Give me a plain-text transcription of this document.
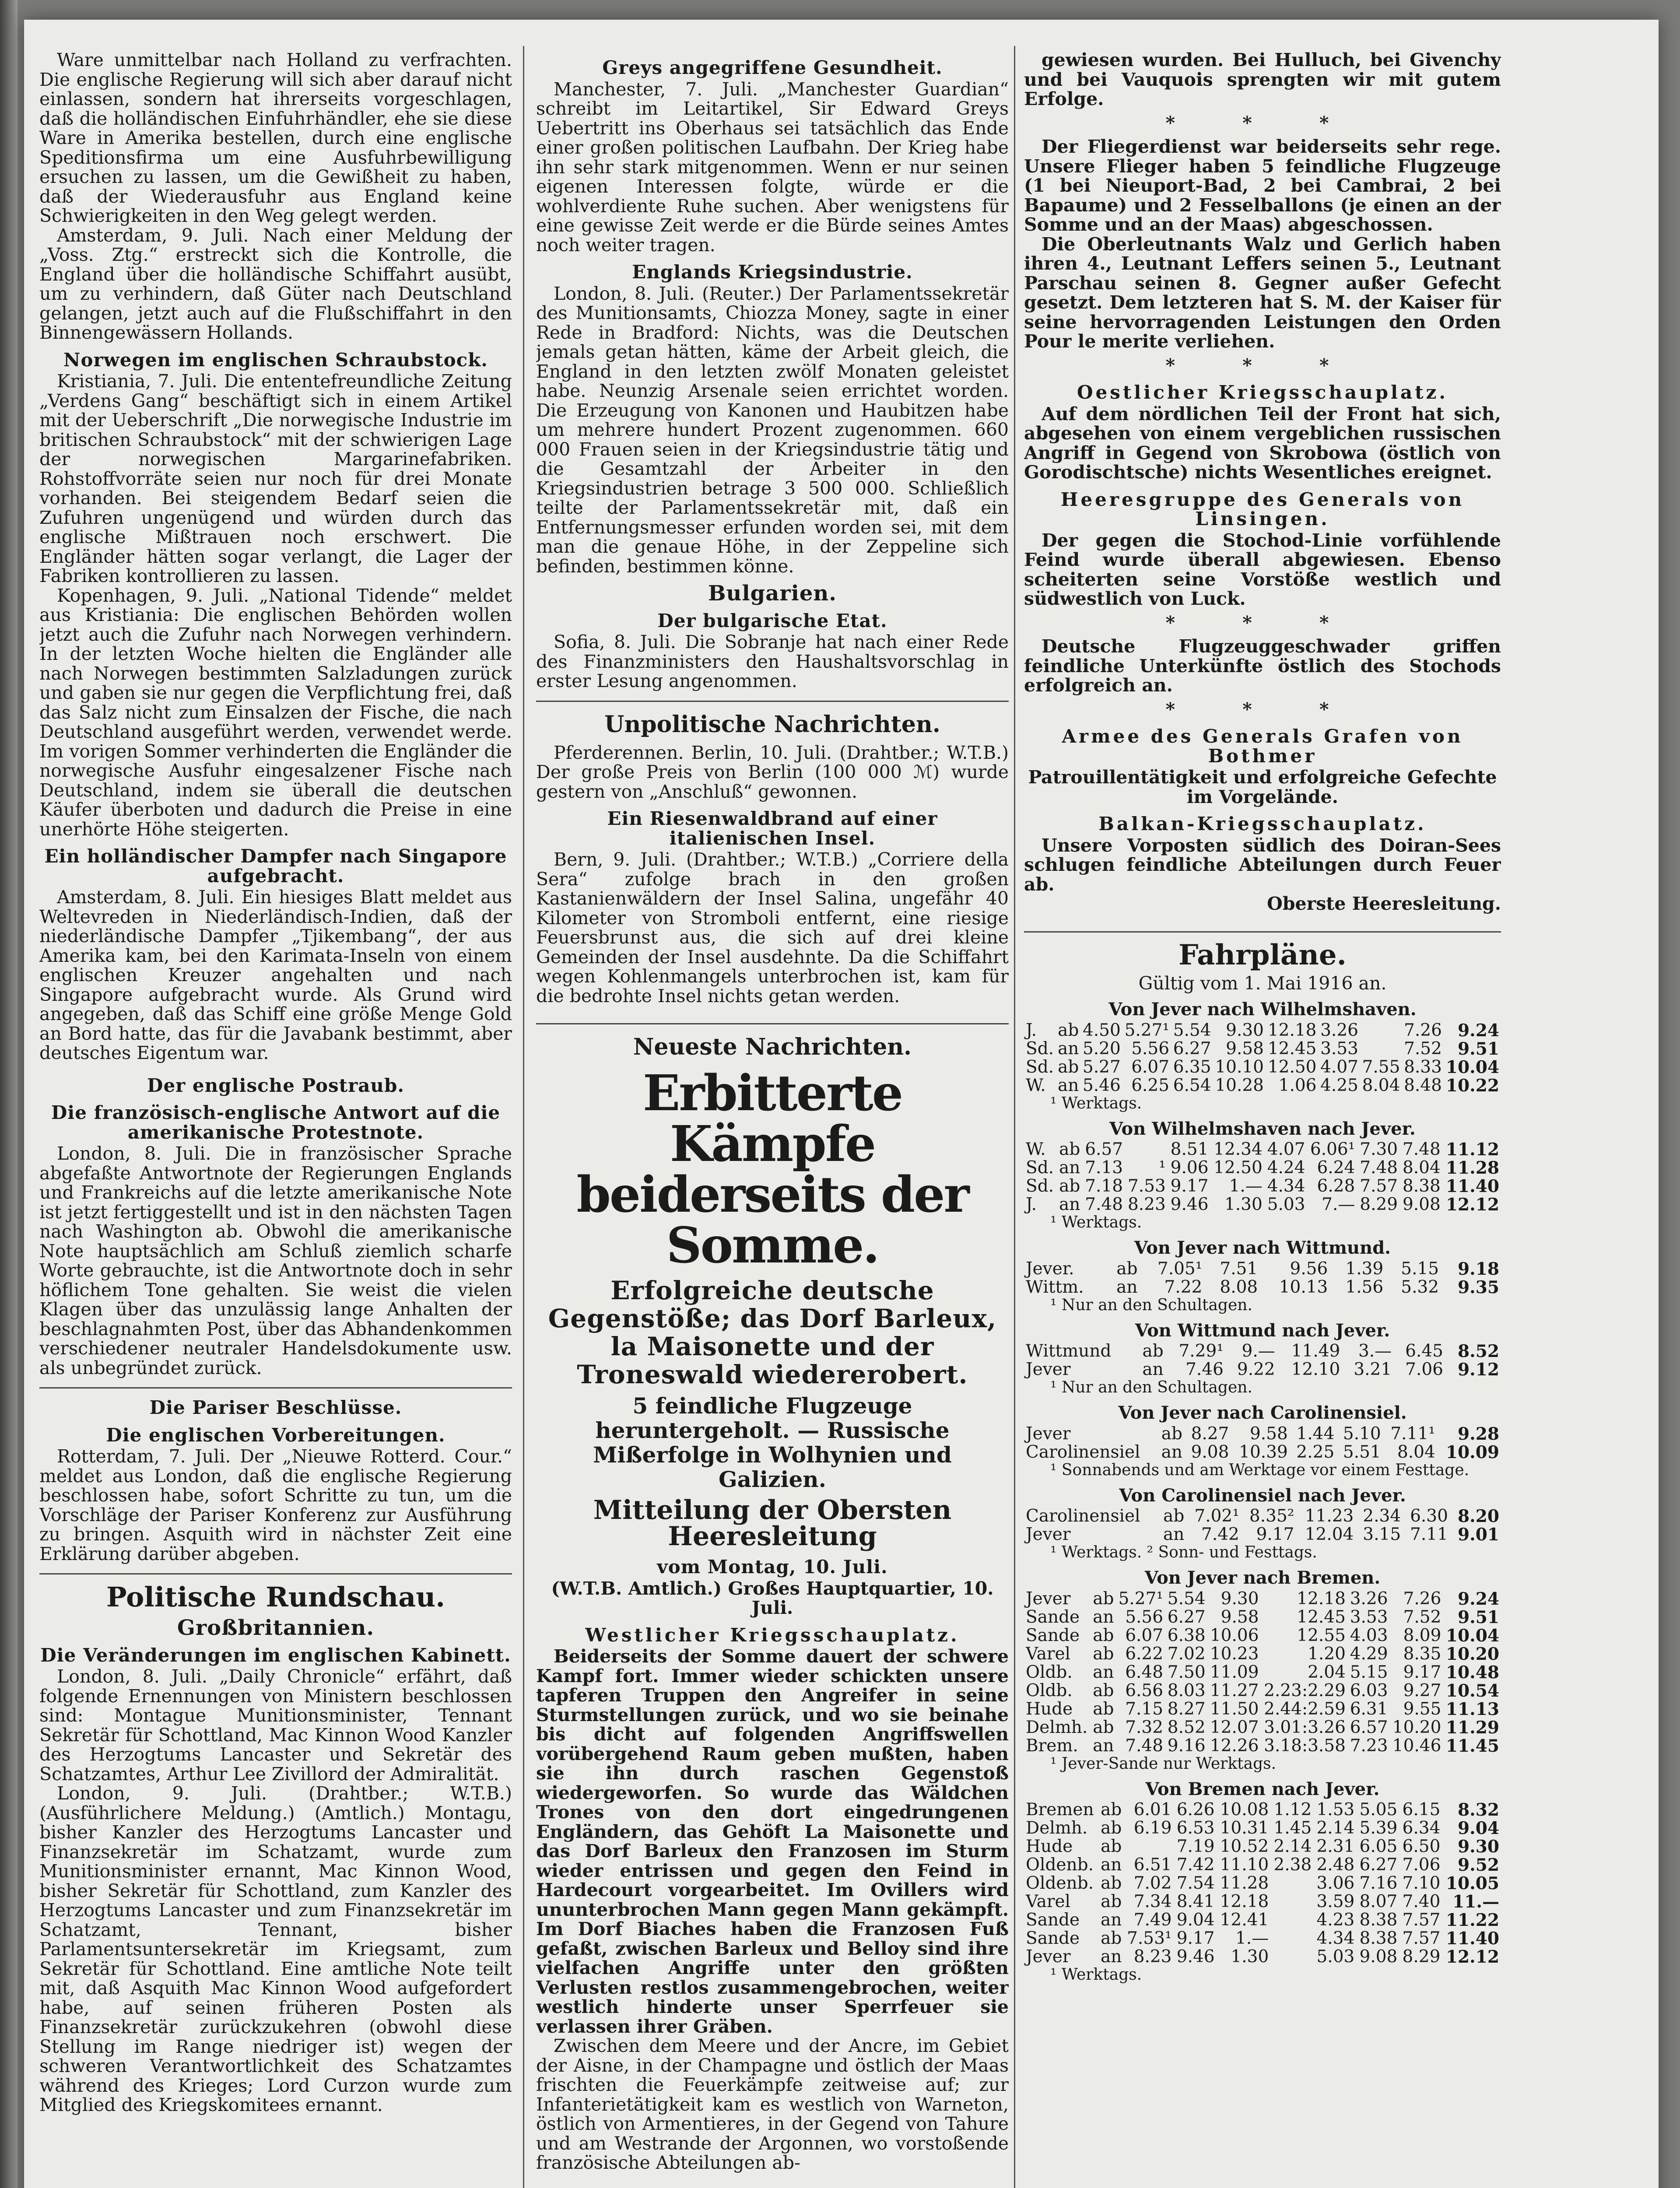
Ware unmittelbar nach Holland zu verfrachten. Die englische Regierung will sich aber darauf nicht einlassen, sondern hat ihrerseits vorgeschlagen, daß die holländischen Einfuhrhändler, ehe sie diese Ware in Amerika bestellen, durch eine englische Speditionsfirma um eine Ausfuhrbewilligung ersuchen zu lassen, um die Gewißheit zu haben, daß der Wiederausfuhr aus England keine Schwierigkeiten in den Weg gelegt werden.

Amsterdam, 9. Juli. Nach einer Meldung der „Voss. Ztg.“ erstreckt sich die Kontrolle, die England über die holländische Schiffahrt ausübt, um zu verhindern, daß Güter nach Deutschland gelangen, jetzt auch auf die Flußschiffahrt in den Binnengewässern Hollands.

Norwegen im englischen Schraubstock.

Kristiania, 7. Juli. Die ententefreundliche Zeitung „Verdens Gang“ beschäftigt sich in einem Artikel mit der Ueberschrift „Die norwegische Industrie im britischen Schraubstock“ mit der schwierigen Lage der norwegischen Margarinefabriken. Rohstoffvorräte seien nur noch für drei Monate vorhanden. Bei steigendem Bedarf seien die Zufuhren ungenügend und würden durch das englische Mißtrauen noch erschwert. Die Engländer hätten sogar verlangt, die Lager der Fabriken kontrollieren zu lassen.

Kopenhagen, 9. Juli. „National Tidende“ meldet aus Kristiania: Die englischen Behörden wollen jetzt auch die Zufuhr nach Norwegen verhindern. In der letzten Woche hielten die Engländer alle nach Norwegen bestimmten Salzladungen zurück und gaben sie nur gegen die Verpflichtung frei, daß das Salz nicht zum Einsalzen der Fische, die nach Deutschland ausgeführt werden, verwendet werde. Im vorigen Sommer verhinderten die Engländer die norwegische Ausfuhr eingesalzener Fische nach Deutschland, indem sie überall die deutschen Käufer überboten und dadurch die Preise in eine unerhörte Höhe steigerten.

Ein holländischer Dampfer nach Singapore aufgebracht.

Amsterdam, 8. Juli. Ein hiesiges Blatt meldet aus Weltevreden in Niederländisch-Indien, daß der niederländische Dampfer „Tjikembang“, der aus Amerika kam, bei den Karimata-Inseln von einem englischen Kreuzer angehalten und nach Singapore aufgebracht wurde. Als Grund wird angegeben, daß das Schiff eine größe Menge Gold an Bord hatte, das für die Javabank bestimmt, aber deutsches Eigentum war.

Der englische Postraub.
Die französisch-englische Antwort auf die amerikanische Protestnote.

London, 8. Juli. Die in französischer Sprache abgefaßte Antwortnote der Regierungen Englands und Frankreichs auf die letzte amerikanische Note ist jetzt fertiggestellt und ist in den nächsten Tagen nach Washington ab. Obwohl die amerikanische Note hauptsächlich am Schluß ziemlich scharfe Worte gebrauchte, ist die Antwortnote doch in sehr höflichem Tone gehalten. Sie weist die vielen Klagen über das unzulässig lange Anhalten der beschlagnahmten Post, über das Abhandenkommen verschiedener neutraler Handelsdokumente usw. als unbegründet zurück.

Die Pariser Beschlüsse.
Die englischen Vorbereitungen.

Rotterdam, 7. Juli. Der „Nieuwe Rotterd. Cour.“ meldet aus London, daß die englische Regierung beschlossen habe, sofort Schritte zu tun, um die Vorschläge der Pariser Konferenz zur Ausführung zu bringen. Asquith wird in nächster Zeit eine Erklärung darüber abgeben.

Politische Rundschau.
Großbritannien.
Die Veränderungen im englischen Kabinett.

London, 8. Juli. „Daily Chronicle“ erfährt, daß folgende Ernennungen von Ministern beschlossen sind: Montague Munitionsminister, Tennant Sekretär für Schottland, Mac Kinnon Wood Kanzler des Herzogtums Lancaster und Sekretär des Schatzamtes, Arthur Lee Zivillord der Admiralität.

London, 9. Juli. (Drahtber.; W.T.B.) (Ausführlichere Meldung.) (Amtlich.) Montagu, bisher Kanzler des Herzogtums Lancaster und Finanzsekretär im Schatzamt, wurde zum Munitionsminister ernannt, Mac Kinnon Wood, bisher Sekretär für Schottland, zum Kanzler des Herzogtums Lancaster und zum Finanzsekretär im Schatzamt, Tennant, bisher Parlamentsuntersekretär im Kriegsamt, zum Sekretär für Schottland. Eine amtliche Note teilt mit, daß Asquith Mac Kinnon Wood aufgefordert habe, auf seinen früheren Posten als Finanzsekretär zurückzukehren (obwohl diese Stellung im Range niedriger ist) wegen der schweren Verantwortlichkeit des Schatzamtes während des Krieges; Lord Curzon wurde zum Mitglied des Kriegskomitees ernannt.

Greys angegriffene Gesundheit.

Manchester, 7. Juli. „Manchester Guardian“ schreibt im Leitartikel, Sir Edward Greys Uebertritt ins Oberhaus sei tatsächlich das Ende einer großen politischen Laufbahn. Der Krieg habe ihn sehr stark mitgenommen. Wenn er nur seinen eigenen Interessen folgte, würde er die wohlverdiente Ruhe suchen. Aber wenigstens für eine gewisse Zeit werde er die Bürde seines Amtes noch weiter tragen.

Englands Kriegsindustrie.

London, 8. Juli. (Reuter.) Der Parlamentssekretär des Munitionsamts, Chiozza Money, sagte in einer Rede in Bradford: Nichts, was die Deutschen jemals getan hätten, käme der Arbeit gleich, die England in den letzten zwölf Monaten geleistet habe. Neunzig Arsenale seien errichtet worden. Die Erzeugung von Kanonen und Haubitzen habe um mehrere hundert Prozent zugenommen. 660 000 Frauen seien in der Kriegsindustrie tätig und die Gesamtzahl der Arbeiter in den Kriegsindustrien betrage 3 500 000. Schließlich teilte der Parlamentssekretär mit, daß ein Entfernungsmesser erfunden worden sei, mit dem man die genaue Höhe, in der Zeppeline sich befinden, bestimmen könne.

Bulgarien.
Der bulgarische Etat.

Sofia, 8. Juli. Die Sobranje hat nach einer Rede des Finanzministers den Haushaltsvorschlag in erster Lesung angenommen.

Unpolitische Nachrichten.

Pferderennen. Berlin, 10. Juli. (Drahtber.; W.T.B.) Der große Preis von Berlin (100 000 ℳ) wurde gestern von „Anschluß“ gewonnen.

Ein Riesenwaldbrand auf einer italienischen Insel.

Bern, 9. Juli. (Drahtber.; W.T.B.) „Corriere della Sera“ zufolge brach in den großen Kastanienwäldern der Insel Salina, ungefähr 40 Kilometer von Stromboli entfernt, eine riesige Feuersbrunst aus, die sich auf drei kleine Gemeinden der Insel ausdehnte. Da die Schiffahrt wegen Kohlenmangels unterbrochen ist, kam für die bedrohte Insel nichts getan werden.

Neueste Nachrichten.
Erbitterte Kämpfe beiderseits der Somme.
Erfolgreiche deutsche Gegenstöße; das Dorf Barleux, la Maisonette und der Troneswald wiedererobert.
5 feindliche Flugzeuge heruntergeholt. — Russische Mißerfolge in Wolhynien und Galizien.
Mitteilung der Obersten Heeresleitung
vom Montag, 10. Juli.

(W.T.B. Amtlich.) Großes Hauptquartier, 10. Juli.

Westlicher Kriegsschauplatz.

Beiderseits der Somme dauert der schwere Kampf fort. Immer wieder schickten unsere tapferen Truppen den Angreifer in seine Sturmstellungen zurück, und wo sie beinahe bis dicht auf folgenden Angriffswellen vorübergehend Raum geben mußten, haben sie ihn durch raschen Gegenstoß wiedergeworfen. So wurde das Wäldchen Trones von den dort eingedrungenen Engländern, das Gehöft La Maisonette und das Dorf Barleux den Franzosen im Sturm wieder entrissen und gegen den Feind in Hardecourt vorgearbeitet. Im Ovillers wird ununterbrochen Mann gegen Mann gekämpft. Im Dorf Biaches haben die Franzosen Fuß gefaßt, zwischen Barleux und Belloy sind ihre vielfachen Angriffe unter den größten Verlusten restlos zusammengebrochen, weiter westlich hinderte unser Sperrfeuer sie verlassen ihrer Gräben.

Zwischen dem Meere und der Ancre, im Gebiet der Aisne, in der Champagne und östlich der Maas frischten die Feuerkämpfe zeitweise auf; zur Infanterietätigkeit kam es westlich von Warneton, östlich von Armentieres, in der Gegend von Tahure und am Westrande der Argonnen, wo vorstoßende französische Abteilungen ab-

gewiesen wurden. Bei Hulluch, bei Givenchy und bei Vauquois sprengten wir mit gutem Erfolge.

* * *

Der Fliegerdienst war beiderseits sehr rege. Unsere Flieger haben 5 feindliche Flugzeuge (1 bei Nieuport-Bad, 2 bei Cambrai, 2 bei Bapaume) und 2 Fesselballons (je einen an der Somme und an der Maas) abgeschossen.

Die Oberleutnants Walz und Gerlich haben ihren 4., Leutnant Leffers seinen 5., Leutnant Parschau seinen 8. Gegner außer Gefecht gesetzt. Dem letzteren hat S. M. der Kaiser für seine hervorragenden Leistungen den Orden Pour le merite verliehen.

* * *
Oestlicher Kriegsschauplatz.

Auf dem nördlichen Teil der Front hat sich, abgesehen von einem vergeblichen russischen Angriff in Gegend von Skrobowa (östlich von Gorodischtsche) nichts Wesentliches ereignet.

Heeresgruppe des Generals von Linsingen.

Der gegen die Stochod-Linie vorfühlende Feind wurde überall abgewiesen. Ebenso scheiterten seine Vorstöße westlich und südwestlich von Luck.

* * *

Deutsche Flugzeuggeschwader griffen feindliche Unterkünfte östlich des Stochods erfolgreich an.

* * *
Armee des Generals Grafen von Bothmer

Patrouillentätigkeit und erfolgreiche Gefechte im Vorgelände.

Balkan-Kriegsschauplatz.

Unsere Vorposten südlich des Doiran-Sees schlugen feindliche Abteilungen durch Feuer ab.

Oberste Heeresleitung.

Fahrpläne.
Gültig vom 1. Mai 1916 an.
Von Jever nach Wilhelmshaven.
J.	ab	4.50	5.27¹	5.54	9.30	12.18	3.26		7.26	9.24
Sd.	an	5.20	5.56	6.27	9.58	12.45	3.53		7.52	9.51
Sd.	ab	5.27	6.07	6.35	10.10	12.50	4.07	7.55	8.33	10.04
W.	an	5.46	6.25	6.54	10.28	1.06	4.25	8.04	8.48	10.22
¹ Werktags.
Von Wilhelmshaven nach Jever.
W.	ab	6.57		8.51	12.34	4.07	6.06¹	7.30	7.48	11.12
Sd.	an	7.13	¹	9.06	12.50	4.24	6.24	7.48	8.04	11.28
Sd.	ab	7.18	7.53	9.17	1.—	4.34	6.28	7.57	8.38	11.40
J.	an	7.48	8.23	9.46	1.30	5.03	7.—	8.29	9.08	12.12
¹ Werktags.
Von Jever nach Wittmund.
Jever.	ab	7.05¹	7.51	9.56	1.39	5.15	9.18
Wittm.	an	7.22	8.08	10.13	1.56	5.32	9.35
¹ Nur an den Schultagen.
Von Wittmund nach Jever.
Wittmund	ab	7.29¹	9.—	11.49	3.—	6.45	8.52
Jever	an	7.46	9.22	12.10	3.21	7.06	9.12
¹ Nur an den Schultagen.
Von Jever nach Carolinensiel.
Jever	ab	8.27	9.58	1.44	5.10	7.11¹	9.28
Carolinensiel	an	9.08	10.39	2.25	5.51	8.04	10.09
¹ Sonnabends und am Werktage vor einem Festtage.
Von Carolinensiel nach Jever.
Carolinensiel	ab	7.02¹	8.35²	11.23	2.34	6.30	8.20
Jever	an	7.42	9.17	12.04	3.15	7.11	9.01
¹ Werktags. ² Sonn- und Festtags.
Von Jever nach Bremen.
Jever	ab	5.27¹	5.54	9.30	12.18	3.26	7.26	9.24
Sande	an	5.56	6.27	9.58	12.45	3.53	7.52	9.51
Sande	ab	6.07	6.38	10.06	12.55	4.03	8.09	10.04
Varel	ab	6.22	7.02	10.23	1.20	4.29	8.35	10.20
Oldb.	an	6.48	7.50	11.09	2.04	5.15	9.17	10.48
Oldb.	ab	6.56	8.03	11.27	2.23:2.29	6.03	9.27	10.54
Hude	ab	7.15	8.27	11.50	2.44:2.59	6.31	9.55	11.13
Delmh.	ab	7.32	8.52	12.07	3.01:3.26	6.57	10.20	11.29
Brem.	an	7.48	9.16	12.26	3.18:3.58	7.23	10.46	11.45
¹ Jever-Sande nur Werktags.
Von Bremen nach Jever.
Bremen	ab	6.01	6.26	10.08	1.12	1.53	5.05	6.15	8.32
Delmh.	ab	6.19	6.53	10.31	1.45	2.14	5.39	6.34	9.04
Hude	ab		7.19	10.52	2.14	2.31	6.05	6.50	9.30
Oldenb.	an	6.51	7.42	11.10	2.38	2.48	6.27	7.06	9.52
Oldenb.	ab	7.02	7.54	11.28		3.06	7.16	7.10	10.05
Varel	ab	7.34	8.41	12.18		3.59	8.07	7.40	11.—
Sande	an	7.49	9.04	12.41		4.23	8.38	7.57	11.22
Sande	ab	7.53¹	9.17	1.—		4.34	8.38	7.57	11.40
Jever	an	8.23	9.46	1.30		5.03	9.08	8.29	12.12
¹ Werktags.
